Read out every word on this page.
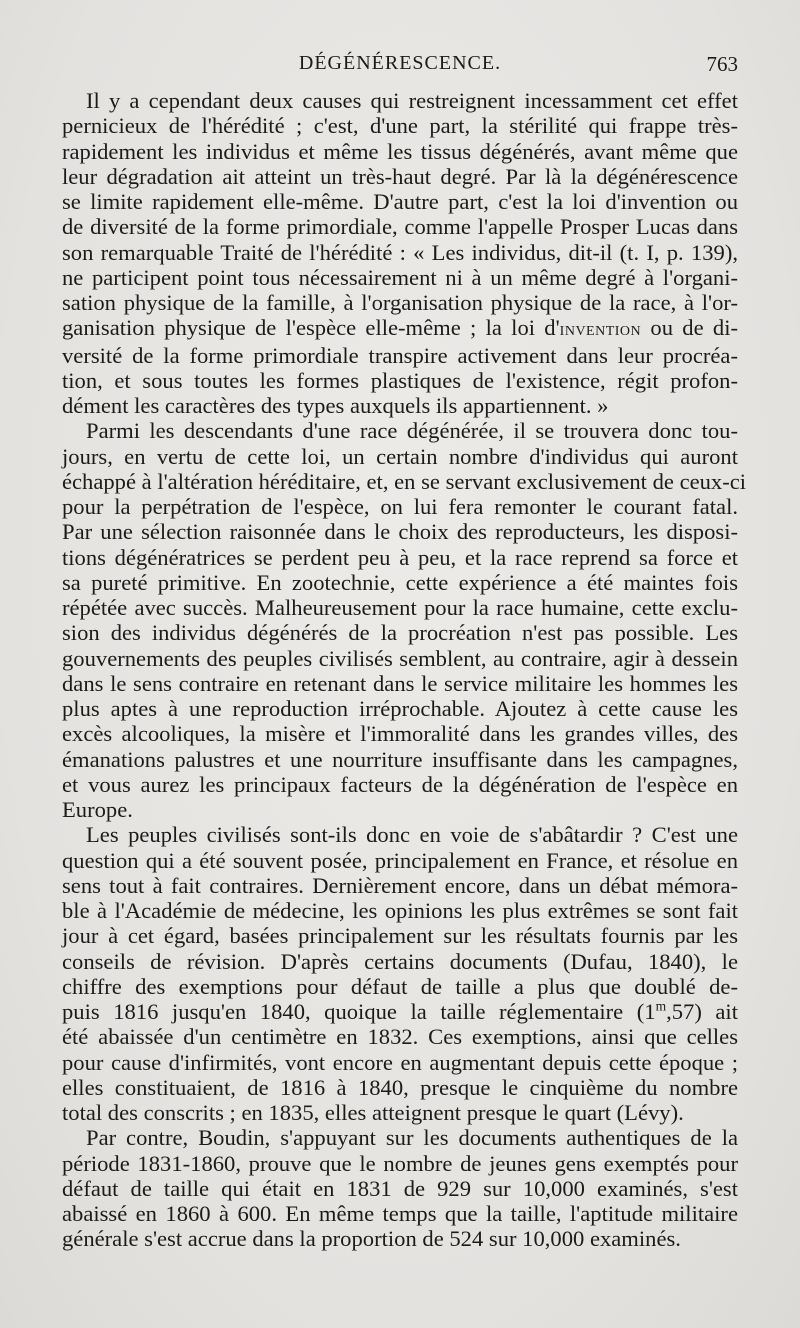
DÉGÉNÉRESCENCE.	763

Il y a cependant deux causes qui restreignent incessamment cet effet
pernicieux de l'hérédité ; c'est, d'une part, la stérilité qui frappe très-
rapidement les individus et même les tissus dégénérés, avant même que
leur dégradation ait atteint un très-haut degré. Par là la dégénérescence
se limite rapidement elle-même. D'autre part, c'est la loi d'invention ou
de diversité de la forme primordiale, comme l'appelle Prosper Lucas dans
son remarquable Traité de l'hérédité : « Les individus, dit-il (t. I, p. 139),
ne participent point tous nécessairement ni à un même degré à l'organi-
sation physique de la famille, à l'organisation physique de la race, à l'or-
ganisation physique de l'espèce elle-même ; la loi d'invention ou de di-
versité de la forme primordiale transpire activement dans leur procréa-
tion, et sous toutes les formes plastiques de l'existence, régit profon-
dément les caractères des types auxquels ils appartiennent. »

Parmi les descendants d'une race dégénérée, il se trouvera donc tou-
jours, en vertu de cette loi, un certain nombre d'individus qui auront
échappé à l'altération héréditaire, et, en se servant exclusivement de ceux-ci
pour la perpétration de l'espèce, on lui fera remonter le courant fatal.
Par une sélection raisonnée dans le choix des reproducteurs, les disposi-
tions dégénératrices se perdent peu à peu, et la race reprend sa force et
sa pureté primitive. En zootechnie, cette expérience a été maintes fois
répétée avec succès. Malheureusement pour la race humaine, cette exclu-
sion des individus dégénérés de la procréation n'est pas possible. Les
gouvernements des peuples civilisés semblent, au contraire, agir à dessein
dans le sens contraire en retenant dans le service militaire les hommes les
plus aptes à une reproduction irréprochable. Ajoutez à cette cause les
excès alcooliques, la misère et l'immoralité dans les grandes villes, des
émanations palustres et une nourriture insuffisante dans les campagnes,
et vous aurez les principaux facteurs de la dégénération de l'espèce en
Europe.

Les peuples civilisés sont-ils donc en voie de s'abâtardir ? C'est une
question qui a été souvent posée, principalement en France, et résolue en
sens tout à fait contraires. Dernièrement encore, dans un débat mémora-
ble à l'Académie de médecine, les opinions les plus extrêmes se sont fait
jour à cet égard, basées principalement sur les résultats fournis par les
conseils de révision. D'après certains documents (Dufau, 1840), le
chiffre des exemptions pour défaut de taille a plus que doublé de-
puis 1816 jusqu'en 1840, quoique la taille réglementaire (1$^m$,57) ait
été abaissée d'un centimètre en 1832. Ces exemptions, ainsi que celles
pour cause d'infirmités, vont encore en augmentant depuis cette époque ;
elles constituaient, de 1816 à 1840, presque le cinquième du nombre
total des conscrits ; en 1835, elles atteignent presque le quart (Lévy).

Par contre, Boudin, s'appuyant sur les documents authentiques de la
période 1831-1860, prouve que le nombre de jeunes gens exemptés pour
défaut de taille qui était en 1831 de 929 sur 10,000 examinés, s'est
abaissé en 1860 à 600. En même temps que la taille, l'aptitude militaire
générale s'est accrue dans la proportion de 524 sur 10,000 examinés.
